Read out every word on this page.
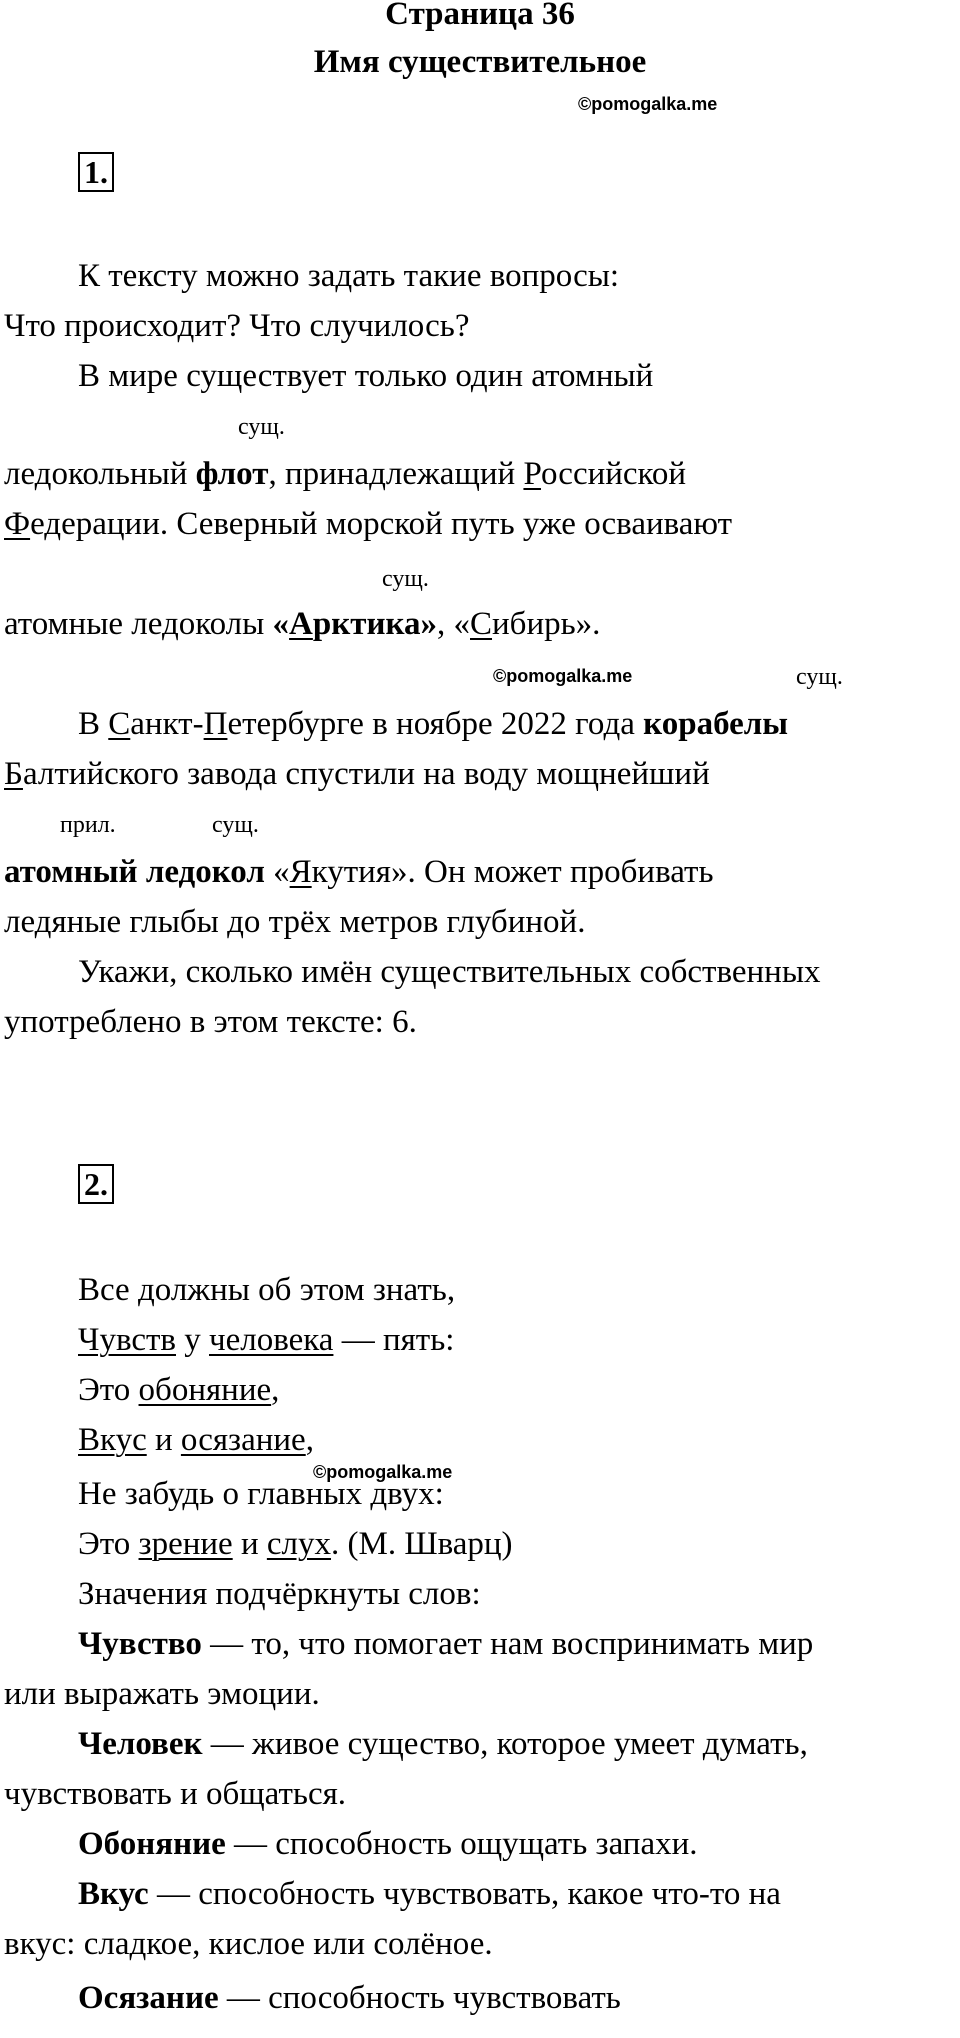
Страница 36
Имя существительное
©pomogalka.me
1.
К тексту можно задать такие вопросы:
Что происходит? Что случилось?
В мире существует только один атомный
сущ.
ледокольный флот, принадлежащий Российской
Федерации. Северный морской путь уже осваивают
сущ.
атомные ледоколы «Арктика», «Сибирь».
©pomogalka.me	сущ.
В Санкт-Петербурге в ноябре 2022 года корабелы
Балтийского завода спустили на воду мощнейший
прил.	сущ.
атомный ледокол «Якутия». Он может пробивать
ледяные глыбы до трёх метров глубиной.
Укажи, сколько имён существительных собственных
употреблено в этом тексте: 6.
2.
Все должны об этом знать,
Чувств у человека — пять:
Это обоняние,
Вкус и осязание,
©pomogalka.me
Не забудь о главных двух:
Это зрение и слух. (М. Шварц)
Значения подчёркнуты слов:
Чувство — то, что помогает нам воспринимать мир
или выражать эмоции.
Человек — живое существо, которое умеет думать,
чувствовать и общаться.
Обоняние — способность ощущать запахи.
Вкус — способность чувствовать, какое что-то на
вкус: сладкое, кислое или солёное.
Осязание — способность чувствовать
